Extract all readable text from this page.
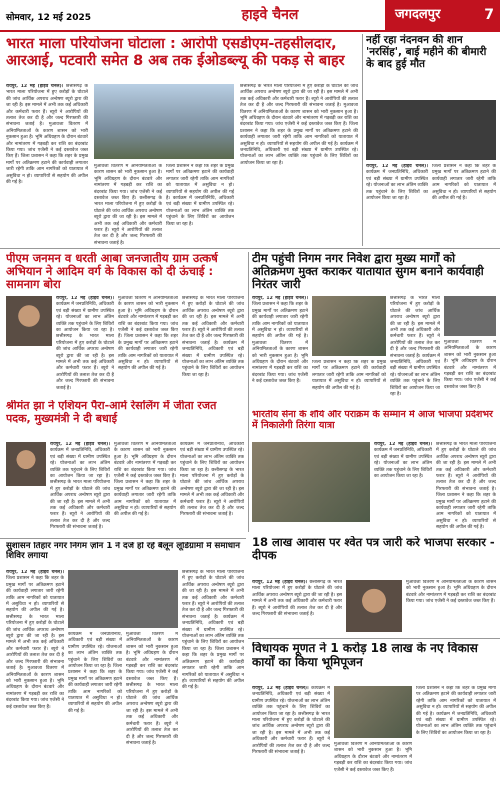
सोमवार, 12 मई 2025	हाइवे चैनल	जगदलपुर	7
भारत माला परियोजना घोटाला : आरोपी एसडीएम-तहसीलदार,
आरआई, पटवारी समेत 8 अब तक ईओडब्ल्यू की पकड़ से बाहर
रायपुर, 12 मई (हाइवे चैनल)। छत्तीसगढ़ के भारत माला परियोजना में हुए करोड़ों के घोटाले की जांच आर्थिक अपराध अन्वेषण ब्यूरो द्वारा की जा रही है। इस मामले में अभी तक कई अधिकारी और कर्मचारी फरार हैं। ब्यूरो ने आरोपियों की तलाश तेज कर दी है और जल्द गिरफ्तारी की संभावना जताई है। मुआवजा वितरण में अनियमितताओं के कारण शासन को भारी नुकसान हुआ है। भूमि अधिग्रहण के दौरान बंटवारे और नामांतरण में गड़बड़ी कर राशि का बंदरबांट किया गया। जांच एजेंसी ने कई दस्तावेज जब्त किए हैं। जिला प्रशासन ने कहा कि शहर के प्रमुख मार्गों पर अतिक्रमण हटाने की कार्यवाही लगातार जारी रहेगी ताकि आम नागरिकों को यातायात में असुविधा न हो। व्यापारियों से सहयोग की अपील की गई है।
मुआवजा वितरण में अनियमितताओं के कारण शासन को भारी नुकसान हुआ है। भूमि अधिग्रहण के दौरान बंटवारे और नामांतरण में गड़बड़ी कर राशि का बंदरबांट किया गया। जांच एजेंसी ने कई दस्तावेज जब्त किए हैं। छत्तीसगढ़ के भारत माला परियोजना में हुए करोड़ों के घोटाले की जांच आर्थिक अपराध अन्वेषण ब्यूरो द्वारा की जा रही है। इस मामले में अभी तक कई अधिकारी और कर्मचारी फरार हैं। ब्यूरो ने आरोपियों की तलाश तेज कर दी है और जल्द गिरफ्तारी की संभावना जताई है।
जिला प्रशासन ने कहा कि शहर के प्रमुख मार्गों पर अतिक्रमण हटाने की कार्यवाही लगातार जारी रहेगी ताकि आम नागरिकों को यातायात में असुविधा न हो। व्यापारियों से सहयोग की अपील की गई है। कार्यक्रम में जनप्रतिनिधि, अधिकारी एवं बड़ी संख्या में ग्रामीण उपस्थित रहे। योजनाओं का लाभ अंतिम व्यक्ति तक पहुंचाने के लिए शिविरों का आयोजन किया जा रहा है।
छत्तीसगढ़ के भारत माला परियोजना में हुए करोड़ों के घोटाले की जांच आर्थिक अपराध अन्वेषण ब्यूरो द्वारा की जा रही है। इस मामले में अभी तक कई अधिकारी और कर्मचारी फरार हैं। ब्यूरो ने आरोपियों की तलाश तेज कर दी है और जल्द गिरफ्तारी की संभावना जताई है। मुआवजा वितरण में अनियमितताओं के कारण शासन को भारी नुकसान हुआ है। भूमि अधिग्रहण के दौरान बंटवारे और नामांतरण में गड़बड़ी कर राशि का बंदरबांट किया गया। जांच एजेंसी ने कई दस्तावेज जब्त किए हैं। जिला प्रशासन ने कहा कि शहर के प्रमुख मार्गों पर अतिक्रमण हटाने की कार्यवाही लगातार जारी रहेगी ताकि आम नागरिकों को यातायात में असुविधा न हो। व्यापारियों से सहयोग की अपील की गई है। कार्यक्रम में जनप्रतिनिधि, अधिकारी एवं बड़ी संख्या में ग्रामीण उपस्थित रहे। योजनाओं का लाभ अंतिम व्यक्ति तक पहुंचाने के लिए शिविरों का आयोजन किया जा रहा है।
नहीं रहा नंदनवन की शान 'नरसिंह', बाई महीने की बीमारी के बाद हुई मौत
रायपुर, 12 मई (हाइवे चैनल)। कार्यक्रम में जनप्रतिनिधि, अधिकारी एवं बड़ी संख्या में ग्रामीण उपस्थित रहे। योजनाओं का लाभ अंतिम व्यक्ति तक पहुंचाने के लिए शिविरों का आयोजन किया जा रहा है।
जिला प्रशासन ने कहा कि शहर के प्रमुख मार्गों पर अतिक्रमण हटाने की कार्यवाही लगातार जारी रहेगी ताकि आम नागरिकों को यातायात में असुविधा न हो। व्यापारियों से सहयोग की अपील की गई है।
पीएम जनमन व धरती आबा जनजातीय ग्राम उत्कर्ष अभियान ने आदिम वर्ग के विकास को दी ऊंचाई : सामनाग बोरा
रायपुर, 12 मई (हाइवे चैनल)। कार्यक्रम में जनप्रतिनिधि, अधिकारी एवं बड़ी संख्या में ग्रामीण उपस्थित रहे। योजनाओं का लाभ अंतिम व्यक्ति तक पहुंचाने के लिए शिविरों का आयोजन किया जा रहा है। छत्तीसगढ़ के भारत माला परियोजना में हुए करोड़ों के घोटाले की जांच आर्थिक अपराध अन्वेषण ब्यूरो द्वारा की जा रही है। इस मामले में अभी तक कई अधिकारी और कर्मचारी फरार हैं। ब्यूरो ने आरोपियों की तलाश तेज कर दी है और जल्द गिरफ्तारी की संभावना जताई है।
मुआवजा वितरण में अनियमितताओं के कारण शासन को भारी नुकसान हुआ है। भूमि अधिग्रहण के दौरान बंटवारे और नामांतरण में गड़बड़ी कर राशि का बंदरबांट किया गया। जांच एजेंसी ने कई दस्तावेज जब्त किए हैं। जिला प्रशासन ने कहा कि शहर के प्रमुख मार्गों पर अतिक्रमण हटाने की कार्यवाही लगातार जारी रहेगी ताकि आम नागरिकों को यातायात में असुविधा न हो। व्यापारियों से सहयोग की अपील की गई है।
छत्तीसगढ़ के भारत माला परियोजना में हुए करोड़ों के घोटाले की जांच आर्थिक अपराध अन्वेषण ब्यूरो द्वारा की जा रही है। इस मामले में अभी तक कई अधिकारी और कर्मचारी फरार हैं। ब्यूरो ने आरोपियों की तलाश तेज कर दी है और जल्द गिरफ्तारी की संभावना जताई है। कार्यक्रम में जनप्रतिनिधि, अधिकारी एवं बड़ी संख्या में ग्रामीण उपस्थित रहे। योजनाओं का लाभ अंतिम व्यक्ति तक पहुंचाने के लिए शिविरों का आयोजन किया जा रहा है।
टीम पहुंची निगम नगर निवेश द्वारा मुख्य मार्गों को अतिक्रमण मुक्त कराकर यातायात सुगम बनाने कार्यवाही निरंतर जारी
रायपुर, 12 मई (हाइवे चैनल)। जिला प्रशासन ने कहा कि शहर के प्रमुख मार्गों पर अतिक्रमण हटाने की कार्यवाही लगातार जारी रहेगी ताकि आम नागरिकों को यातायात में असुविधा न हो। व्यापारियों से सहयोग की अपील की गई है। मुआवजा वितरण में अनियमितताओं के कारण शासन को भारी नुकसान हुआ है। भूमि अधिग्रहण के दौरान बंटवारे और नामांतरण में गड़बड़ी कर राशि का बंदरबांट किया गया। जांच एजेंसी ने कई दस्तावेज जब्त किए हैं।
जिला प्रशासन ने कहा कि शहर के प्रमुख मार्गों पर अतिक्रमण हटाने की कार्यवाही लगातार जारी रहेगी ताकि आम नागरिकों को यातायात में असुविधा न हो। व्यापारियों से सहयोग की अपील की गई है।
छत्तीसगढ़ के भारत माला परियोजना में हुए करोड़ों के घोटाले की जांच आर्थिक अपराध अन्वेषण ब्यूरो द्वारा की जा रही है। इस मामले में अभी तक कई अधिकारी और कर्मचारी फरार हैं। ब्यूरो ने आरोपियों की तलाश तेज कर दी है और जल्द गिरफ्तारी की संभावना जताई है। कार्यक्रम में जनप्रतिनिधि, अधिकारी एवं बड़ी संख्या में ग्रामीण उपस्थित रहे। योजनाओं का लाभ अंतिम व्यक्ति तक पहुंचाने के लिए शिविरों का आयोजन किया जा रहा है।
मुआवजा वितरण में अनियमितताओं के कारण शासन को भारी नुकसान हुआ है। भूमि अधिग्रहण के दौरान बंटवारे और नामांतरण में गड़बड़ी कर राशि का बंदरबांट किया गया। जांच एजेंसी ने कई दस्तावेज जब्त किए हैं।
श्रीमंत झा ने एशियन पैरा-आर्म रेसलिंग में जीता रजत पदक, मुख्यमंत्री ने दी बधाई
रायपुर, 12 मई (हाइवे चैनल)। कार्यक्रम में जनप्रतिनिधि, अधिकारी एवं बड़ी संख्या में ग्रामीण उपस्थित रहे। योजनाओं का लाभ अंतिम व्यक्ति तक पहुंचाने के लिए शिविरों का आयोजन किया जा रहा है। छत्तीसगढ़ के भारत माला परियोजना में हुए करोड़ों के घोटाले की जांच आर्थिक अपराध अन्वेषण ब्यूरो द्वारा की जा रही है। इस मामले में अभी तक कई अधिकारी और कर्मचारी फरार हैं। ब्यूरो ने आरोपियों की तलाश तेज कर दी है और जल्द गिरफ्तारी की संभावना जताई है।
मुआवजा वितरण में अनियमितताओं के कारण शासन को भारी नुकसान हुआ है। भूमि अधिग्रहण के दौरान बंटवारे और नामांतरण में गड़बड़ी कर राशि का बंदरबांट किया गया। जांच एजेंसी ने कई दस्तावेज जब्त किए हैं। जिला प्रशासन ने कहा कि शहर के प्रमुख मार्गों पर अतिक्रमण हटाने की कार्यवाही लगातार जारी रहेगी ताकि आम नागरिकों को यातायात में असुविधा न हो। व्यापारियों से सहयोग की अपील की गई है।
कार्यक्रम में जनप्रतिनिधि, अधिकारी एवं बड़ी संख्या में ग्रामीण उपस्थित रहे। योजनाओं का लाभ अंतिम व्यक्ति तक पहुंचाने के लिए शिविरों का आयोजन किया जा रहा है। छत्तीसगढ़ के भारत माला परियोजना में हुए करोड़ों के घोटाले की जांच आर्थिक अपराध अन्वेषण ब्यूरो द्वारा की जा रही है। इस मामले में अभी तक कई अधिकारी और कर्मचारी फरार हैं। ब्यूरो ने आरोपियों की तलाश तेज कर दी है और जल्द गिरफ्तारी की संभावना जताई है।
भारतीय सेना के शौर्य और पराक्रम के सम्मान में आज भाजपा प्रदेशभर में निकालेगी तिरंगा यात्रा
रायपुर, 12 मई (हाइवे चैनल)। कार्यक्रम में जनप्रतिनिधि, अधिकारी एवं बड़ी संख्या में ग्रामीण उपस्थित रहे। योजनाओं का लाभ अंतिम व्यक्ति तक पहुंचाने के लिए शिविरों का आयोजन किया जा रहा है।
छत्तीसगढ़ के भारत माला परियोजना में हुए करोड़ों के घोटाले की जांच आर्थिक अपराध अन्वेषण ब्यूरो द्वारा की जा रही है। इस मामले में अभी तक कई अधिकारी और कर्मचारी फरार हैं। ब्यूरो ने आरोपियों की तलाश तेज कर दी है और जल्द गिरफ्तारी की संभावना जताई है। जिला प्रशासन ने कहा कि शहर के प्रमुख मार्गों पर अतिक्रमण हटाने की कार्यवाही लगातार जारी रहेगी ताकि आम नागरिकों को यातायात में असुविधा न हो। व्यापारियों से सहयोग की अपील की गई है।
18 लाख आवास पर श्वेत पत्र जारी करे भाजपा सरकार - दीपक
रायपुर, 12 मई (हाइवे चैनल)। छत्तीसगढ़ के भारत माला परियोजना में हुए करोड़ों के घोटाले की जांच आर्थिक अपराध अन्वेषण ब्यूरो द्वारा की जा रही है। इस मामले में अभी तक कई अधिकारी और कर्मचारी फरार हैं। ब्यूरो ने आरोपियों की तलाश तेज कर दी है और जल्द गिरफ्तारी की संभावना जताई है।
मुआवजा वितरण में अनियमितताओं के कारण शासन को भारी नुकसान हुआ है। भूमि अधिग्रहण के दौरान बंटवारे और नामांतरण में गड़बड़ी कर राशि का बंदरबांट किया गया। जांच एजेंसी ने कई दस्तावेज जब्त किए हैं।
सुशासन तिहार नगर निगम ज़ोन 1 ने दर्ज हो रहे बैलून लूडिग्रामों में समाधान शिविर लगाया
रायपुर, 12 मई (हाइवे चैनल)। जिला प्रशासन ने कहा कि शहर के प्रमुख मार्गों पर अतिक्रमण हटाने की कार्यवाही लगातार जारी रहेगी ताकि आम नागरिकों को यातायात में असुविधा न हो। व्यापारियों से सहयोग की अपील की गई है। छत्तीसगढ़ के भारत माला परियोजना में हुए करोड़ों के घोटाले की जांच आर्थिक अपराध अन्वेषण ब्यूरो द्वारा की जा रही है। इस मामले में अभी तक कई अधिकारी और कर्मचारी फरार हैं। ब्यूरो ने आरोपियों की तलाश तेज कर दी है और जल्द गिरफ्तारी की संभावना जताई है। मुआवजा वितरण में अनियमितताओं के कारण शासन को भारी नुकसान हुआ है। भूमि अधिग्रहण के दौरान बंटवारे और नामांतरण में गड़बड़ी कर राशि का बंदरबांट किया गया। जांच एजेंसी ने कई दस्तावेज जब्त किए हैं।
कार्यक्रम में जनप्रतिनिधि, अधिकारी एवं बड़ी संख्या में ग्रामीण उपस्थित रहे। योजनाओं का लाभ अंतिम व्यक्ति तक पहुंचाने के लिए शिविरों का आयोजन किया जा रहा है। जिला प्रशासन ने कहा कि शहर के प्रमुख मार्गों पर अतिक्रमण हटाने की कार्यवाही लगातार जारी रहेगी ताकि आम नागरिकों को यातायात में असुविधा न हो। व्यापारियों से सहयोग की अपील की गई है।
मुआवजा वितरण में अनियमितताओं के कारण शासन को भारी नुकसान हुआ है। भूमि अधिग्रहण के दौरान बंटवारे और नामांतरण में गड़बड़ी कर राशि का बंदरबांट किया गया। जांच एजेंसी ने कई दस्तावेज जब्त किए हैं। छत्तीसगढ़ के भारत माला परियोजना में हुए करोड़ों के घोटाले की जांच आर्थिक अपराध अन्वेषण ब्यूरो द्वारा की जा रही है। इस मामले में अभी तक कई अधिकारी और कर्मचारी फरार हैं। ब्यूरो ने आरोपियों की तलाश तेज कर दी है और जल्द गिरफ्तारी की संभावना जताई है।
छत्तीसगढ़ के भारत माला परियोजना में हुए करोड़ों के घोटाले की जांच आर्थिक अपराध अन्वेषण ब्यूरो द्वारा की जा रही है। इस मामले में अभी तक कई अधिकारी और कर्मचारी फरार हैं। ब्यूरो ने आरोपियों की तलाश तेज कर दी है और जल्द गिरफ्तारी की संभावना जताई है। कार्यक्रम में जनप्रतिनिधि, अधिकारी एवं बड़ी संख्या में ग्रामीण उपस्थित रहे। योजनाओं का लाभ अंतिम व्यक्ति तक पहुंचाने के लिए शिविरों का आयोजन किया जा रहा है। जिला प्रशासन ने कहा कि शहर के प्रमुख मार्गों पर अतिक्रमण हटाने की कार्यवाही लगातार जारी रहेगी ताकि आम नागरिकों को यातायात में असुविधा न हो। व्यापारियों से सहयोग की अपील की गई है।
विधायक मूणत ने 1 करोड़ 18 लाख के नए विकास कार्यों का किया भूमिपूजन
रायपुर, 12 मई (हाइवे चैनल)। कार्यक्रम में जनप्रतिनिधि, अधिकारी एवं बड़ी संख्या में ग्रामीण उपस्थित रहे। योजनाओं का लाभ अंतिम व्यक्ति तक पहुंचाने के लिए शिविरों का आयोजन किया जा रहा है। छत्तीसगढ़ के भारत माला परियोजना में हुए करोड़ों के घोटाले की जांच आर्थिक अपराध अन्वेषण ब्यूरो द्वारा की जा रही है। इस मामले में अभी तक कई अधिकारी और कर्मचारी फरार हैं। ब्यूरो ने आरोपियों की तलाश तेज कर दी है और जल्द गिरफ्तारी की संभावना जताई है।
मुआवजा वितरण में अनियमितताओं के कारण शासन को भारी नुकसान हुआ है। भूमि अधिग्रहण के दौरान बंटवारे और नामांतरण में गड़बड़ी कर राशि का बंदरबांट किया गया। जांच एजेंसी ने कई दस्तावेज जब्त किए हैं।
जिला प्रशासन ने कहा कि शहर के प्रमुख मार्गों पर अतिक्रमण हटाने की कार्यवाही लगातार जारी रहेगी ताकि आम नागरिकों को यातायात में असुविधा न हो। व्यापारियों से सहयोग की अपील की गई है। कार्यक्रम में जनप्रतिनिधि, अधिकारी एवं बड़ी संख्या में ग्रामीण उपस्थित रहे। योजनाओं का लाभ अंतिम व्यक्ति तक पहुंचाने के लिए शिविरों का आयोजन किया जा रहा है।
